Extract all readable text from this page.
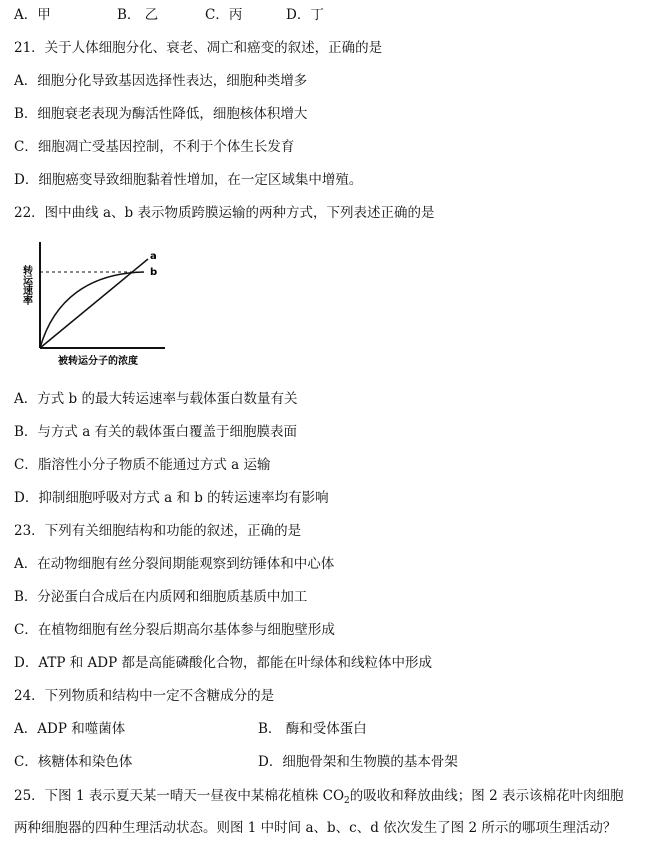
A．甲	B． 乙	C．丙	D．丁
21．关于人体细胞分化、衰老、凋亡和癌变的叙述，正确的是
A．细胞分化导致基因选择性表达，细胞种类增多
B．细胞衰老表现为酶活性降低，细胞核体积增大
C．细胞凋亡受基因控制，不利于个体生长发育
D．细胞癌变导致细胞黏着性增加，在一定区域集中增殖。
22．图中曲线 a、b 表示物质跨膜运输的两种方式，下列表述正确的是
a
b
转运速率
被转运分子的浓度
A．方式 b 的最大转运速率与载体蛋白数量有关
B．与方式 a 有关的载体蛋白覆盖于细胞膜表面
C．脂溶性小分子物质不能通过方式 a 运输
D．抑制细胞呼吸对方式 a 和 b 的转运速率均有影响
23．下列有关细胞结构和功能的叙述，正确的是
A．在动物细胞有丝分裂间期能观察到纺锤体和中心体
B．分泌蛋白合成后在内质网和细胞质基质中加工
C．在植物细胞有丝分裂后期高尔基体参与细胞壁形成
D．ATP 和 ADP 都是高能磷酸化合物，都能在叶绿体和线粒体中形成
24．下列物质和结构中一定不含糖成分的是
A．ADP 和噬菌体	B． 酶和受体蛋白
C．核糖体和染色体	D．细胞骨架和生物膜的基本骨架
25．下图 1 表示夏天某一晴天一昼夜中某棉花植株 $CO_2$的吸收和释放曲线；图 2 表示该棉花叶肉细胞
两种细胞器的四种生理活动状态。则图 1 中时间 a、b、c、d 依次发生了图 2 所示的哪项生理活动？
